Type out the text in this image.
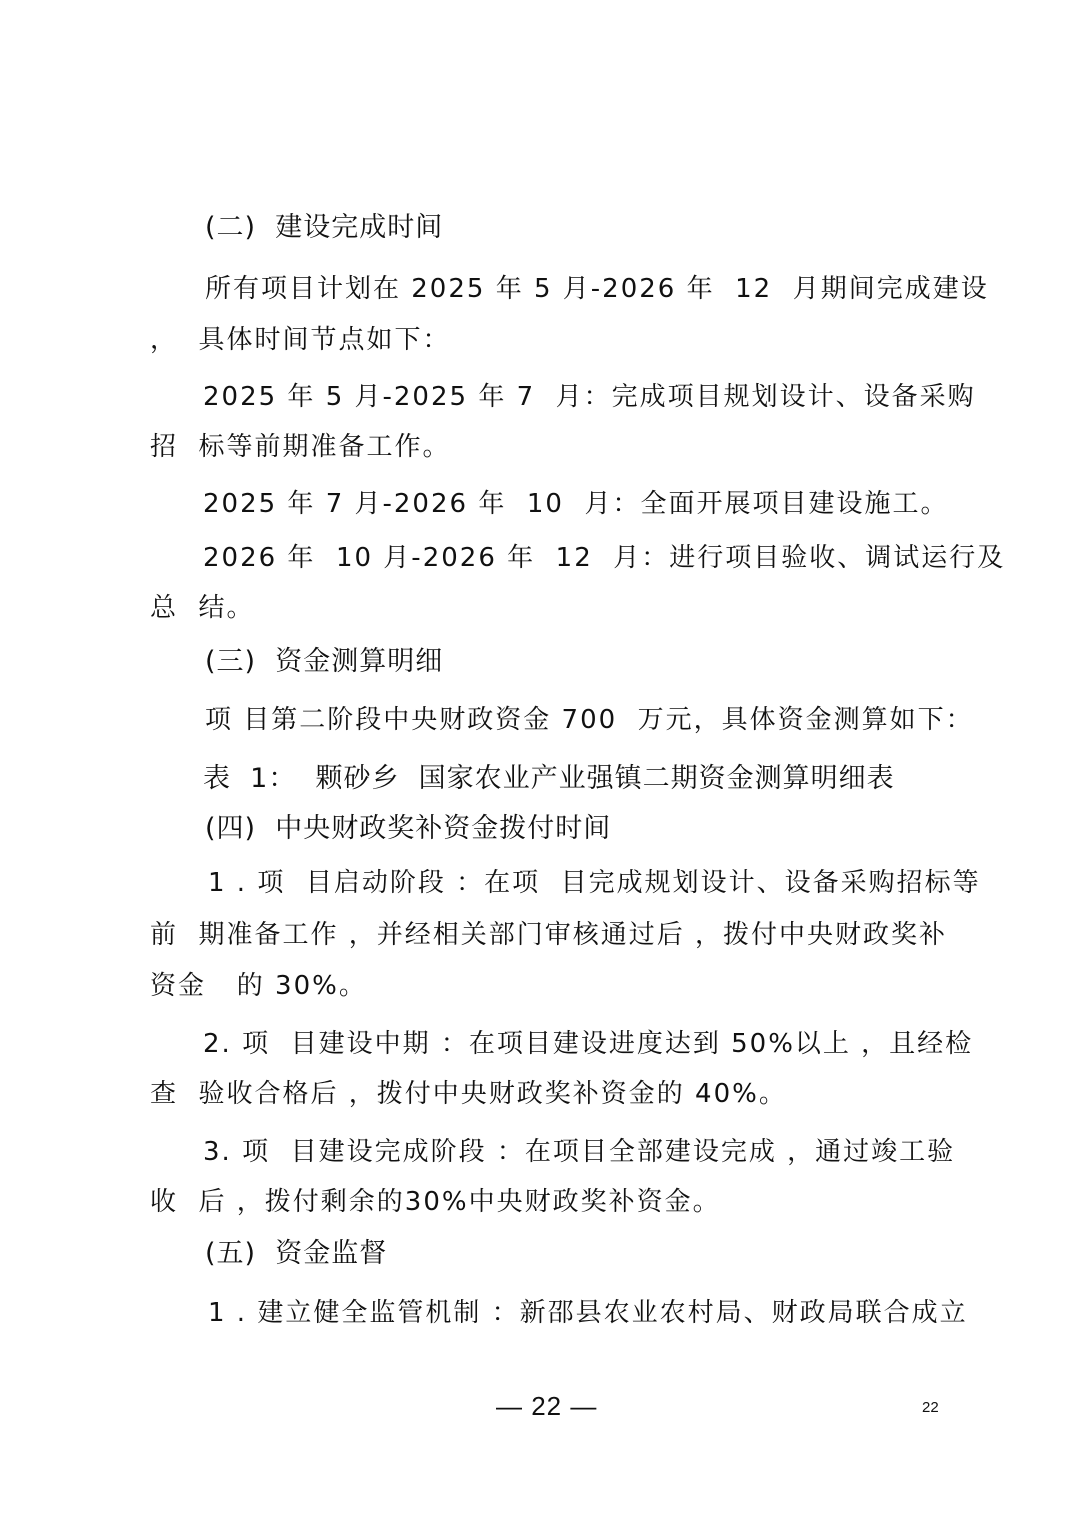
(二)  建设完成时间
所有项目计划在 2025 年 5 月-2026 年  12  月期间完成建设
，  具体时间节点如下：
2025 年 5 月-2025 年 7  月：完成项目规划设计、设备采购
招  标等前期准备工作。
2025 年 7 月-2026 年  10  月：全面开展项目建设施工。
2026 年  10 月-2026 年  12  月：进行项目验收、调试运行及
总  结。
(三)  资金测算明细
项 目第二阶段中央财政资金 700  万元，具体资金测算如下：
表  1：  颗砂乡  国家农业产业强镇二期资金测算明细表
(四)  中央财政奖补资金拨付时间
1 . 项  目启动阶段 ：在项  目完成规划设计、设备采购招标等
前  期准备工作 ，并经相关部门审核通过后 ，拨付中央财政奖补
资金   的 30%。
2. 项  目建设中期 ：在项目建设进度达到 50%以上 ，且经检
查  验收合格后 ，拨付中央财政奖补资金的 40%。
3. 项  目建设完成阶段 ：在项目全部建设完成 ，通过竣工验
收  后 ，拨付剩余的30%中央财政奖补资金。
(五)  资金监督
1 . 建立健全监管机制 ：新邵县农业农村局、财政局联合成立
— 22 —	22
